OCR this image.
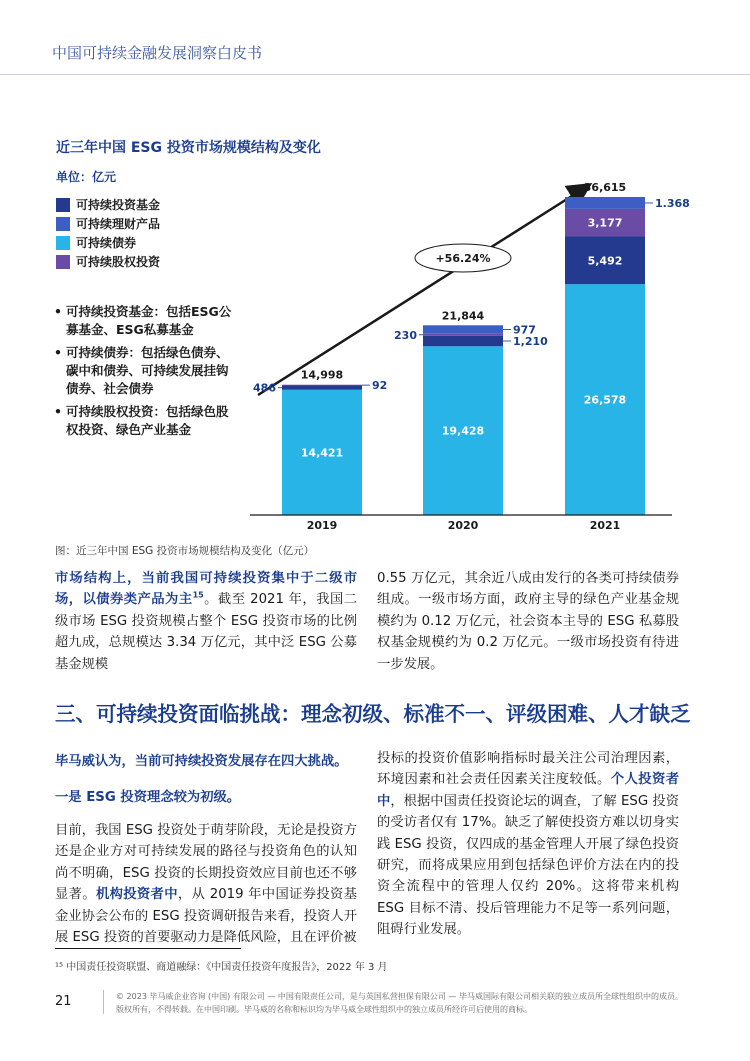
中国可持续金融发展洞察白皮书
近三年中国 ESG 投资市场规模结构及变化
单位：亿元
可持续投资基金
可持续理财产品
可持续债券
可持续股权投资
• 可持续投资基金：包括ESG公募基金、ESG私募基金
• 可持续债券：包括绿色债券、碳中和债券、可持续发展挂钩债券、社会债券
• 可持续股权投资：包括绿色股权投资、绿色产业基金
+56.24%
14,998
2019
14,421
486	92
21,844
2020
19,428
1,210
230	977
36,615
2021
26,578
5,492
3,177
1.368
图：近三年中国 ESG 投资市场规模结构及变化（亿元）
市场结构上，当前我国可持续投资集中于二级市场，以债券类产品为主$^{15}$。截至 2021 年，我国二级市场 ESG 投资规模占整个 ESG 投资市场的比例超九成，总规模达 3.34 万亿元，其中泛 ESG 公募基金规模
0.55 万亿元，其余近八成由发行的各类可持续债券组成。一级市场方面，政府主导的绿色产业基金规模约为 0.12 万亿元，社会资本主导的 ESG 私募股权基金规模约为 0.2 万亿元。一级市场投资有待进一步发展。
三、可持续投资面临挑战：理念初级、标准不一、评级困难、人才缺乏
毕马威认为，当前可持续投资发展存在四大挑战。
一是 ESG 投资理念较为初级。
目前，我国 ESG 投资处于萌芽阶段，无论是投资方还是企业方对可持续发展的路径与投资角色的认知尚不明确，ESG 投资的长期投资效应目前也还不够显著。机构投资者中，从 2019 年中国证券投资基金业协会公布的 ESG 投资调研报告来看，投资人开展 ESG 投资的首要驱动力是降低风险，且在评价被
投标的投资价值影响指标时最关注公司治理因素，环境因素和社会责任因素关注度较低。个人投资者中，根据中国责任投资论坛的调查，了解 ESG 投资的受访者仅有 17%。缺乏了解使投资方难以切身实践 ESG 投资，仅四成的基金管理人开展了绿色投资研究，而将成果应用到包括绿色评价方法在内的投资全流程中的管理人仅约 20%。这将带来机构 ESG 目标不清、投后管理能力不足等一系列问题，阻碍行业发展。
¹⁵ 中国责任投资联盟、商道融绿：《中国责任投资年度报告》，2022 年 3 月
21	© 2023 毕马威企业咨询 (中国) 有限公司 — 中国有限责任公司，是与英国私营担保有限公司 — 毕马威国际有限公司相关联的独立成员所全球性组织中的成员。
版权所有，不得转载。在中国印刷。毕马威的名称和标识均为毕马威全球性组织中的独立成员所经许可后使用的商标。
